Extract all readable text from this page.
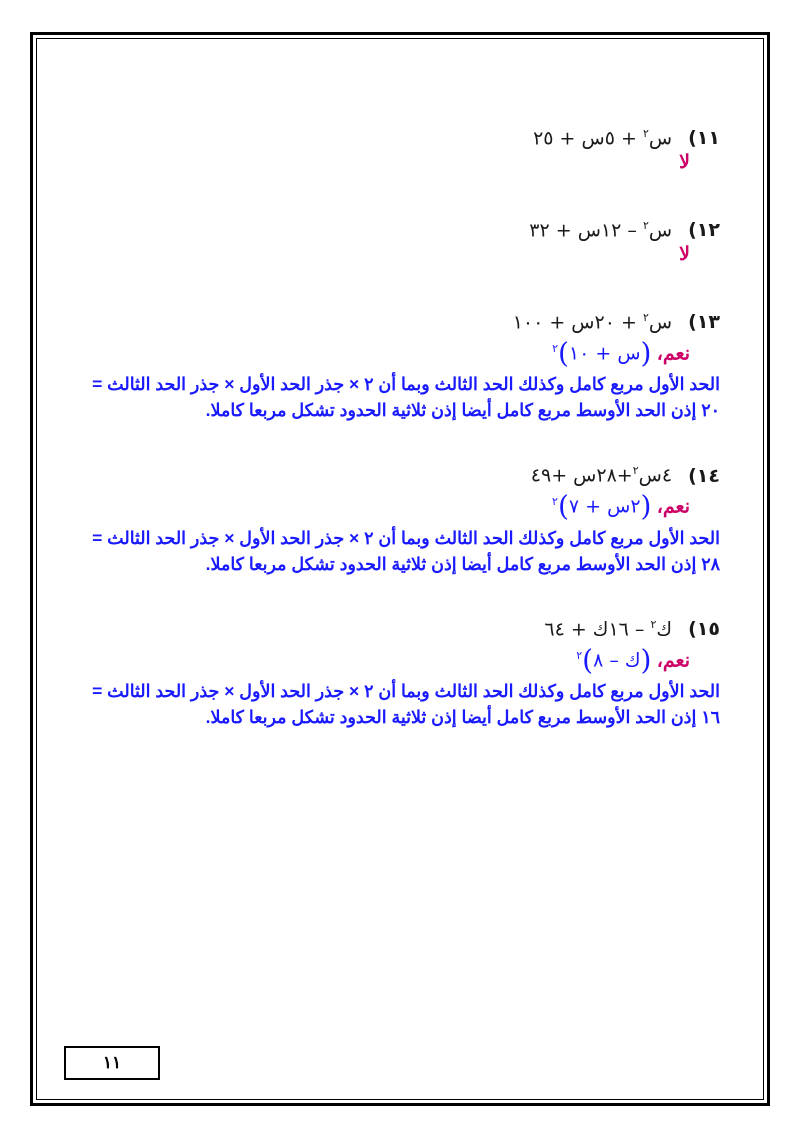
١١) س$^٢$ + ٥س + ٢٥
لا
١٢) س$^٢$ – ١٢س + ٣٢
لا
١٣) س$^٢$ + ٢٠س + ١٠٠
نعم، (س + ١٠)$^٢$
الحد الأول مربع كامل وكذلك الحد الثالث وبما أن ٢ × جذر الحد الأول × جذر الحد الثالث = ٢٠ إذن الحد الأوسط مربع كامل أيضا إذن ثلاثية الحدود تشكل مربعا كاملا.
١٤) ٤س$^٢$+٢٨س +٤٩
نعم، (٢س + ٧)$^٢$
الحد الأول مربع كامل وكذلك الحد الثالث وبما أن ٢ × جذر الحد الأول × جذر الحد الثالث = ٢٨ إذن الحد الأوسط مربع كامل أيضا إذن ثلاثية الحدود تشكل مربعا كاملا.
١٥) ك$^٢$ – ١٦ك + ٦٤
نعم، (ك – ٨)$^٢$
الحد الأول مربع كامل وكذلك الحد الثالث وبما أن ٢ × جذر الحد الأول × جذر الحد الثالث = ١٦ إذن الحد الأوسط مربع كامل أيضا إذن ثلاثية الحدود تشكل مربعا كاملا.
١١
